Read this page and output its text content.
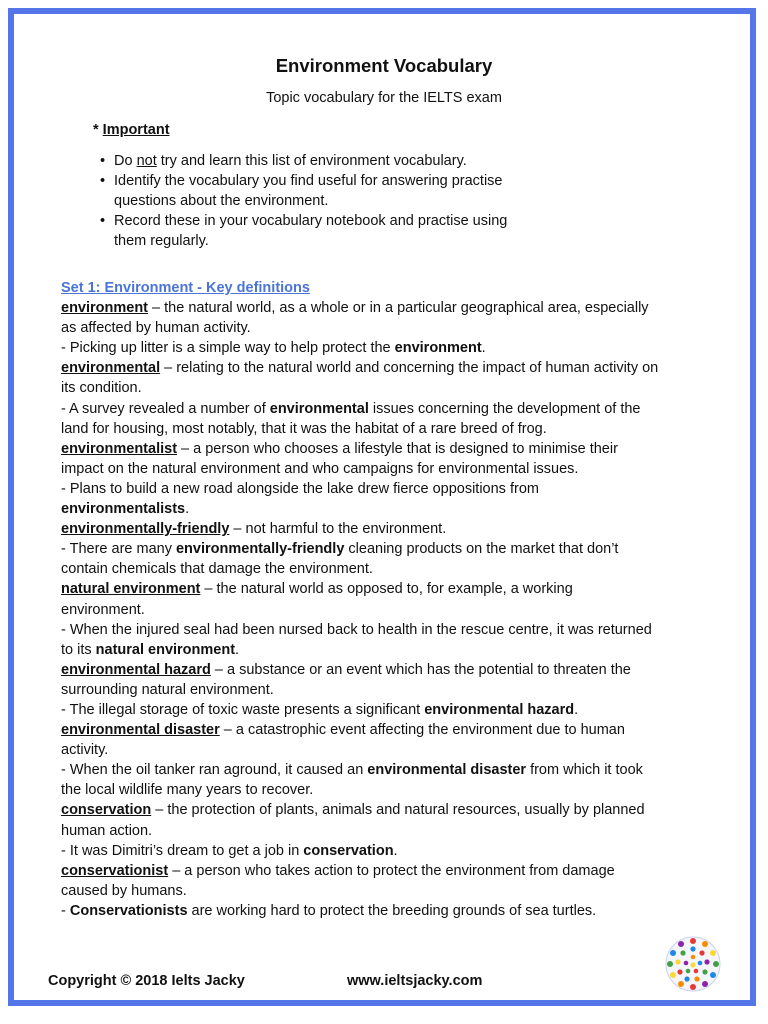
Environment Vocabulary
Topic vocabulary for the IELTS exam
* Important
• Do not try and learn this list of environment vocabulary.
• Identify the vocabulary you find useful for answering practise
questions about the environment.
• Record these in your vocabulary notebook and practise using
them regularly.
Set 1: Environment - Key definitions
environment – the natural world, as a whole or in a particular geographical area, especially
as affected by human activity.
- Picking up litter is a simple way to help protect the environment.
environmental – relating to the natural world and concerning the impact of human activity on
its condition.
- A survey revealed a number of environmental issues concerning the development of the
land for housing, most notably, that it was the habitat of a rare breed of frog.
environmentalist – a person who chooses a lifestyle that is designed to minimise their
impact on the natural environment and who campaigns for environmental issues.
- Plans to build a new road alongside the lake drew fierce oppositions from
environmentalists.
environmentally-friendly – not harmful to the environment.
- There are many environmentally-friendly cleaning products on the market that don’t
contain chemicals that damage the environment.
natural environment – the natural world as opposed to, for example, a working
environment.
- When the injured seal had been nursed back to health in the rescue centre, it was returned
to its natural environment.
environmental hazard – a substance or an event which has the potential to threaten the
surrounding natural environment.
- The illegal storage of toxic waste presents a significant environmental hazard.
environmental disaster – a catastrophic event affecting the environment due to human
activity.
- When the oil tanker ran aground, it caused an environmental disaster from which it took
the local wildlife many years to recover.
conservation – the protection of plants, animals and natural resources, usually by planned
human action.
- It was Dimitri’s dream to get a job in conservation.
conservationist – a person who takes action to protect the environment from damage
caused by humans.
- Conservationists are working hard to protect the breeding grounds of sea turtles.
Copyright © 2018 Ielts Jacky	www.ieltsjacky.com
